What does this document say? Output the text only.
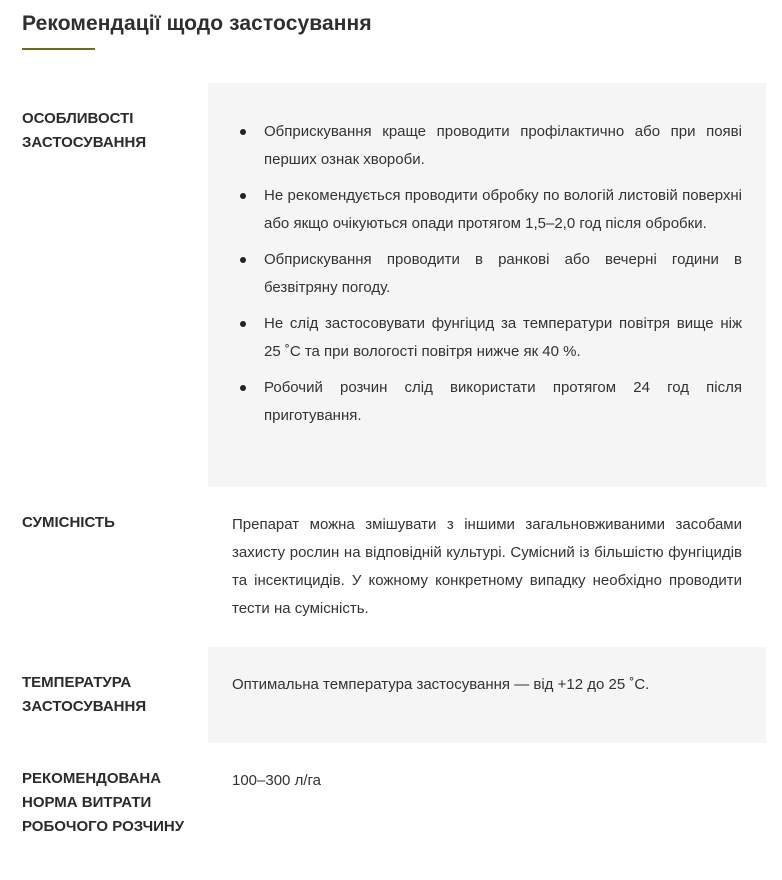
Рекомендації щодо застосування
ОСОБЛИВОСТІ ЗАСТОСУВАННЯ
Обприскування краще проводити профілактично або при появі перших ознак хвороби.
Не рекомендується проводити обробку по вологій листовій поверхні або якщо очікуються опади протягом 1,5–2,0 год після обробки.
Обприскування проводити в ранкові або вечерні години в безвітряну погоду.
Не слід застосовувати фунгіцид за температури повітря вище ніж 25 ˚С та при вологості повітря нижче як 40 %.
Робочий розчин слід використати протягом 24 год після приготування.
СУМІСНІСТЬ	Препарат можна змішувати з іншими загальновживаними засобами захисту рослин на відповідній культурі. Сумісний із більшістю фунгіцидів та інсектицидів. У кожному конкретному випадку необхідно проводити тести на сумісність.

ТЕМПЕРАТУРА ЗАСТОСУВАННЯ

Оптимальна температура застосування — від +12 до 25 ˚С.

РЕКОМЕНДОВАНА НОРМА ВИТРАТИ РОБОЧОГО РОЗЧИНУ

100–300 л/га
